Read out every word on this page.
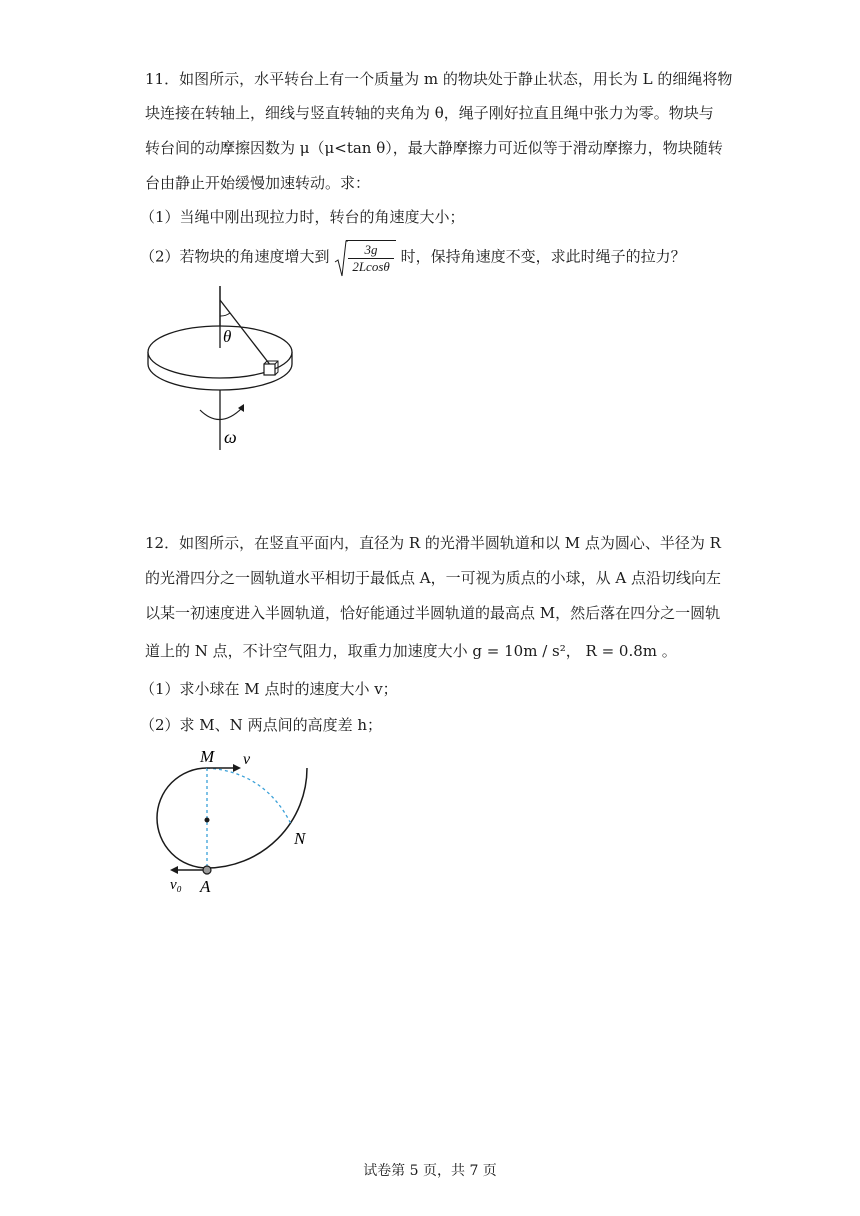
11．如图所示，水平转台上有一个质量为 m 的物块处于静止状态，用长为 L 的细绳将物
块连接在转轴上，细线与竖直转轴的夹角为 θ，绳子刚好拉直且绳中张力为零。物块与
转台间的动摩擦因数为 μ（μ<tan θ），最大静摩擦力可近似等于滑动摩擦力，物块随转
台由静止开始缓慢加速转动。求：
（1）当绳中刚出现拉力时，转台的角速度大小；
（2）若物块的角速度增大到 $\frac{3g}{2Lcos\theta}$ 时，保持角速度不变，求此时绳子的拉力？
θ
ω
12．如图所示，在竖直平面内，直径为 R 的光滑半圆轨道和以 M 点为圆心、半径为 R
的光滑四分之一圆轨道水平相切于最低点 A，一可视为质点的小球，从 A 点沿切线向左
以某一初速度进入半圆轨道，恰好能通过半圆轨道的最高点 M，然后落在四分之一圆轨
道上的 N 点，不计空气阻力，取重力加速度大小 g = 10m / s²， R = 0.8m 。
（1）求小球在 M 点时的速度大小 v；
（2）求 M、N 两点间的高度差 h；
M v
N
v₀ A
试卷第 5 页，共 7 页
